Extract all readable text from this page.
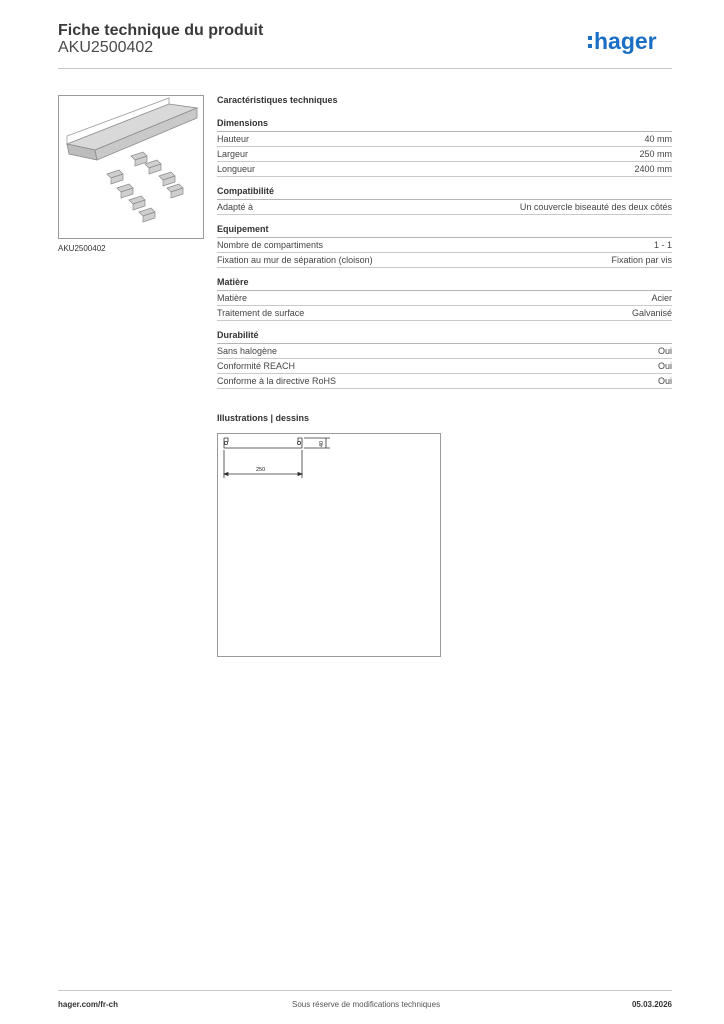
Fiche technique du produit
AKU2500402	hager
AKU2500402
Caractéristiques techniques
Dimensions
Hauteur	40 mm
Largeur	250 mm
Longueur	2400 mm
Compatibilité
Adapté à	Un couvercle biseauté des deux côtés
Equipement
Nombre de compartiments	1 - 1
Fixation au mur de séparation (cloison)	Fixation par vis
Matière
Matière	Acier
Traitement de surface	Galvanisé
Durabilité
Sans halogène	Oui
Conformité REACH	Oui
Conforme à la directive RoHS	Oui
Illustrations | dessins
250
40
hager.com/fr-ch	Sous réserve de modifications techniques	05.03.2026
